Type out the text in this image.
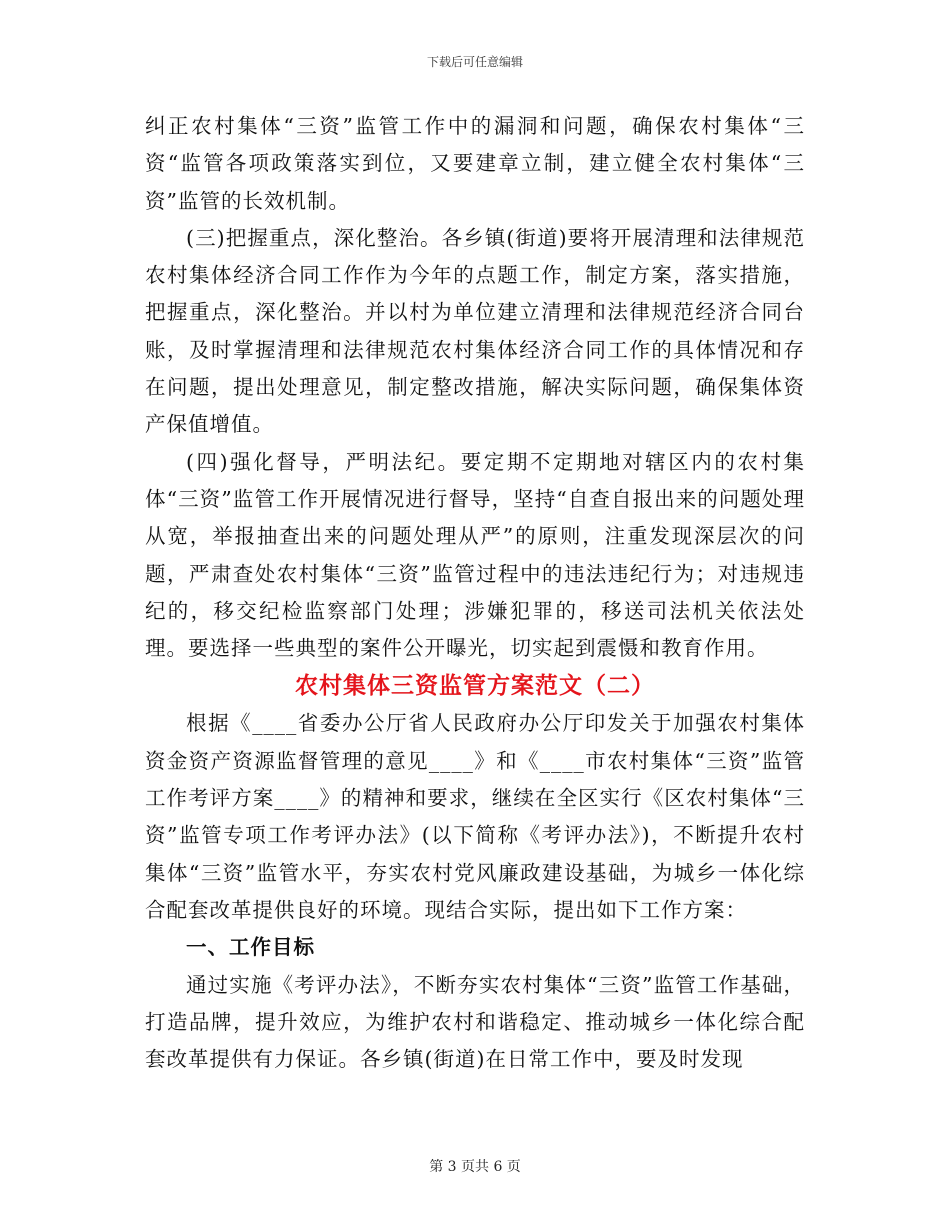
下载后可任意编辑

纠正农村集体“三资”监管工作中的漏洞和问题，确保农村集体“三资“监管各项政策落实到位，又要建章立制，建立健全农村集体“三资”监管的长效机制。

(三)把握重点，深化整治。各乡镇(街道)要将开展清理和法律规范农村集体经济合同工作作为今年的点题工作，制定方案，落实措施，把握重点，深化整治。并以村为单位建立清理和法律规范经济合同台账，及时掌握清理和法律规范农村集体经济合同工作的具体情况和存在问题，提出处理意见，制定整改措施，解决实际问题，确保集体资产保值增值。

(四)强化督导，严明法纪。要定期不定期地对辖区内的农村集体“三资”监管工作开展情况进行督导，坚持“自查自报出来的问题处理从宽，举报抽查出来的问题处理从严”的原则，注重发现深层次的问题，严肃查处农村集体“三资”监管过程中的违法违纪行为；对违规违纪的，移交纪检监察部门处理；涉嫌犯罪的，移送司法机关依法处理。要选择一些典型的案件公开曝光，切实起到震慑和教育作用。

农村集体三资监管方案范文（二）

根据《____省委办公厅省人民政府办公厅印发关于加强农村集体资金资产资源监督管理的意见____》和《____市农村集体“三资”监管工作考评方案____》的精神和要求，继续在全区实行《区农村集体“三资”监管专项工作考评办法》(以下简称《考评办法》)，不断提升农村集体“三资”监管水平，夯实农村党风廉政建设基础，为城乡一体化综合配套改革提供良好的环境。现结合实际，提出如下工作方案：

一、工作目标

通过实施《考评办法》，不断夯实农村集体“三资”监管工作基础，打造品牌，提升效应，为维护农村和谐稳定、推动城乡一体化综合配套改革提供有力保证。各乡镇(街道)在日常工作中，要及时发现

第 3 页共 6 页
